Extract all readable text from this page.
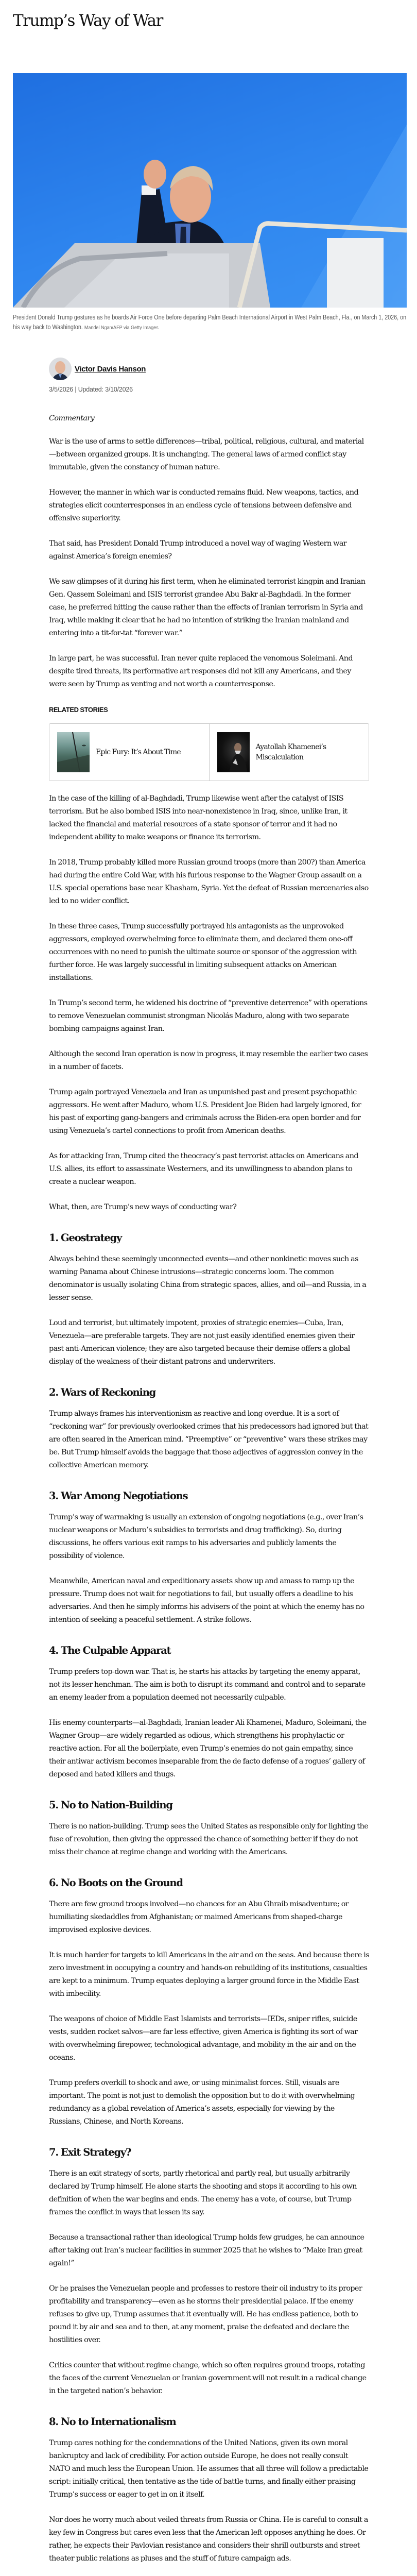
Trump’s Way of War

President Donald Trump gestures as he boards Air Force One before departing Palm Beach International Airport in West Palm Beach, Fla., on March 1, 2026, on his way back to Washington. Mandel Ngan/AFP via Getty Images

Victor Davis Hanson
3/5/2026 | Updated: 3/10/2026

Commentary

War is the use of arms to settle differences—tribal, political, religious, cultural, and material—between organized groups. It is unchanging. The general laws of armed conflict stay immutable, given the constancy of human nature.

However, the manner in which war is conducted remains fluid. New weapons, tactics, and strategies elicit counterresponses in an endless cycle of tensions between defensive and offensive superiority.

That said, has President Donald Trump introduced a novel way of waging Western war against America’s foreign enemies?

We saw glimpses of it during his first term, when he eliminated terrorist kingpin and Iranian Gen. Qassem Soleimani and ISIS terrorist grandee Abu Bakr al-Baghdadi. In the former case, he preferred hitting the cause rather than the effects of Iranian terrorism in Syria and Iraq, while making it clear that he had no intention of striking the Iranian mainland and entering into a tit-for-tat “forever war.”

In large part, he was successful. Iran never quite replaced the venomous Soleimani. And despite tired threats, its performative art responses did not kill any Americans, and they were seen by Trump as venting and not worth a counterresponse.

RELATED STORIES
Epic Fury: It’s About Time
Ayatollah Khamenei’s Miscalculation

In the case of the killing of al-Baghdadi, Trump likewise went after the catalyst of ISIS terrorism. But he also bombed ISIS into near-nonexistence in Iraq, since, unlike Iran, it lacked the financial and material resources of a state sponsor of terror and it had no independent ability to make weapons or finance its terrorism.

In 2018, Trump probably killed more Russian ground troops (more than 200?) than America had during the entire Cold War, with his furious response to the Wagner Group assault on a U.S. special operations base near Khasham, Syria. Yet the defeat of Russian mercenaries also led to no wider conflict.

In these three cases, Trump successfully portrayed his antagonists as the unprovoked aggressors, employed overwhelming force to eliminate them, and declared them one-off occurrences with no need to punish the ultimate source or sponsor of the aggression with further force. He was largely successful in limiting subsequent attacks on American installations.

In Trump’s second term, he widened his doctrine of “preventive deterrence” with operations to remove Venezuelan communist strongman Nicolás Maduro, along with two separate bombing campaigns against Iran.

Although the second Iran operation is now in progress, it may resemble the earlier two cases in a number of facets.

Trump again portrayed Venezuela and Iran as unpunished past and present psychopathic aggressors. He went after Maduro, whom U.S. President Joe Biden had largely ignored, for his past of exporting gang-bangers and criminals across the Biden-era open border and for using Venezuela’s cartel connections to profit from American deaths.

As for attacking Iran, Trump cited the theocracy’s past terrorist attacks on Americans and U.S. allies, its effort to assassinate Westerners, and its unwillingness to abandon plans to create a nuclear weapon.

What, then, are Trump’s new ways of conducting war?

1. Geostrategy

Always behind these seemingly unconnected events—and other nonkinetic moves such as warning Panama about Chinese intrusions—strategic concerns loom. The common denominator is usually isolating China from strategic spaces, allies, and oil—and Russia, in a lesser sense.

Loud and terrorist, but ultimately impotent, proxies of strategic enemies—Cuba, Iran, Venezuela—are preferable targets. They are not just easily identified enemies given their past anti-American violence; they are also targeted because their demise offers a global display of the weakness of their distant patrons and underwriters.

2. Wars of Reckoning

Trump always frames his interventionism as reactive and long overdue. It is a sort of “reckoning war” for previously overlooked crimes that his predecessors had ignored but that are often seared in the American mind. “Preemptive” or “preventive” wars these strikes may be. But Trump himself avoids the baggage that those adjectives of aggression convey in the collective American memory.

3. War Among Negotiations

Trump’s way of warmaking is usually an extension of ongoing negotiations (e.g., over Iran’s nuclear weapons or Maduro’s subsidies to terrorists and drug trafficking). So, during discussions, he offers various exit ramps to his adversaries and publicly laments the possibility of violence.

Meanwhile, American naval and expeditionary assets show up and amass to ramp up the pressure. Trump does not wait for negotiations to fail, but usually offers a deadline to his adversaries. And then he simply informs his advisers of the point at which the enemy has no intention of seeking a peaceful settlement. A strike follows.

4. The Culpable Apparat

Trump prefers top-down war. That is, he starts his attacks by targeting the enemy apparat, not its lesser henchman. The aim is both to disrupt its command and control and to separate an enemy leader from a population deemed not necessarily culpable.

His enemy counterparts—al-Baghdadi, Iranian leader Ali Khamenei, Maduro, Soleimani, the Wagner Group—are widely regarded as odious, which strengthens his prophylactic or reactive action. For all the boilerplate, even Trump’s enemies do not gain empathy, since their antiwar activism becomes inseparable from the de facto defense of a rogues’ gallery of deposed and hated killers and thugs.

5. No to Nation-Building

There is no nation-building. Trump sees the United States as responsible only for lighting the fuse of revolution, then giving the oppressed the chance of something better if they do not miss their chance at regime change and working with the Americans.

6. No Boots on the Ground

There are few ground troops involved—no chances for an Abu Ghraib misadventure; or humiliating skedaddles from Afghanistan; or maimed Americans from shaped-charge improvised explosive devices.

It is much harder for targets to kill Americans in the air and on the seas. And because there is zero investment in occupying a country and hands-on rebuilding of its institutions, casualties are kept to a minimum. Trump equates deploying a larger ground force in the Middle East with imbecility.

The weapons of choice of Middle East Islamists and terrorists—IEDs, sniper rifles, suicide vests, sudden rocket salvos—are far less effective, given America is fighting its sort of war with overwhelming firepower, technological advantage, and mobility in the air and on the oceans.

Trump prefers overkill to shock and awe, or using minimalist forces. Still, visuals are important. The point is not just to demolish the opposition but to do it with overwhelming redundancy as a global revelation of America’s assets, especially for viewing by the Russians, Chinese, and North Koreans.

7. Exit Strategy?

There is an exit strategy of sorts, partly rhetorical and partly real, but usually arbitrarily declared by Trump himself. He alone starts the shooting and stops it according to his own definition of when the war begins and ends. The enemy has a vote, of course, but Trump frames the conflict in ways that lessen its say.

Because a transactional rather than ideological Trump holds few grudges, he can announce after taking out Iran’s nuclear facilities in summer 2025 that he wishes to “Make Iran great again!”

Or he praises the Venezuelan people and professes to restore their oil industry to its proper profitability and transparency—even as he storms their presidential palace. If the enemy refuses to give up, Trump assumes that it eventually will. He has endless patience, both to pound it by air and sea and to then, at any moment, praise the defeated and declare the hostilities over.

Critics counter that without regime change, which so often requires ground troops, rotating the faces of the current Venezuelan or Iranian government will not result in a radical change in the targeted nation’s behavior.

8. No to Internationalism

Trump cares nothing for the condemnations of the United Nations, given its own moral bankruptcy and lack of credibility. For action outside Europe, he does not really consult NATO and much less the European Union. He assumes that all three will follow a predictable script: initially critical, then tentative as the tide of battle turns, and finally either praising Trump’s success or eager to get in on it itself.

Nor does he worry much about veiled threats from Russia or China. He is careful to consult a key few in Congress but cares even less that the American left opposes anything he does. Or rather, he expects their Pavlovian resistance and considers their shrill outbursts and street theater public relations as pluses and the stuff of future campaign ads.
